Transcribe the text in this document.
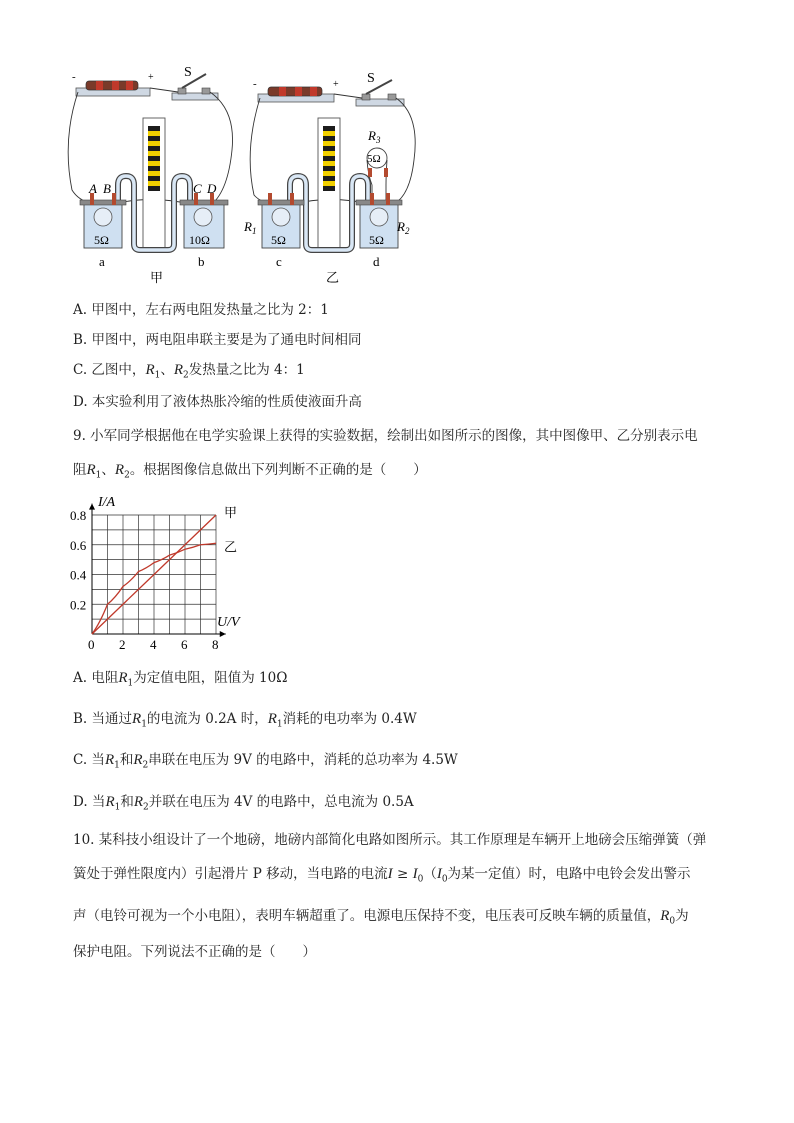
-	+ S
A B
5Ω
a
C D
10Ω
b
甲
-	+ S
$R_3$
5Ω
$R_1$
5Ω
c
$R_2$
5Ω
d
乙
A. 甲图中，左右两电阻发热量之比为 2：1
B. 甲图中，两电阻串联主要是为了通电时间相同
C. 乙图中，$R_1$、$R_2$发热量之比为 4：1
D. 本实验利用了液体热胀冷缩的性质使液面升高
9. 小军同学根据他在电学实验课上获得的实验数据，绘制出如图所示的图像，其中图像甲、乙分别表示电
阻$R_1$、$R_2$。根据图像信息做出下列判断不正确的是（　　）
0 2 4 6 8
0.2
0.4
0.6
0.8
I/A
U/V
甲
乙
A. 电阻$R_1$为定值电阻，阻值为 10Ω
B. 当通过$R_1$的电流为 0.2A 时，$R_1$消耗的电功率为 0.4W
C. 当$R_1$和$R_2$串联在电压为 9V 的电路中，消耗的总功率为 4.5W
D. 当$R_1$和$R_2$并联在电压为 4V 的电路中，总电流为 0.5A
10. 某科技小组设计了一个地磅，地磅内部简化电路如图所示。其工作原理是车辆开上地磅会压缩弹簧（弹
簧处于弹性限度内）引起滑片 P 移动，当电路的电流$I \ge I_0(I_0$为某一定值）时，电路中电铃会发出警示
声（电铃可视为一个小电阻），表明车辆超重了。电源电压保持不变，电压表可反映车辆的质量值，$R_0$为
保护电阻。下列说法不正确的是（　　）
